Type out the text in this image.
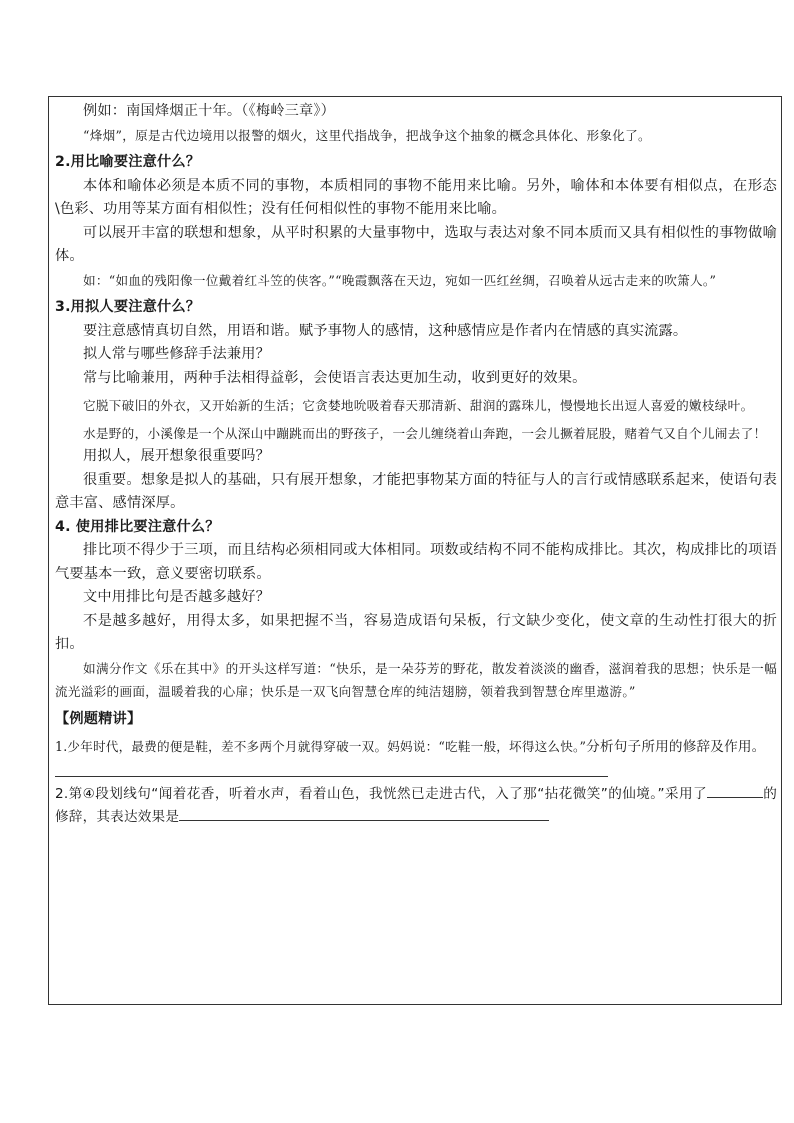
例如：南国烽烟正十年。（《梅岭三章》）

“烽烟”，原是古代边境用以报警的烟火，这里代指战争，把战争这个抽象的概念具体化、形象化了。

2.用比喻要注意什么？

本体和喻体必须是本质不同的事物，本质相同的事物不能用来比喻。另外，喻体和本体要有相似点，在形态\色彩、功用等某方面有相似性；没有任何相似性的事物不能用来比喻。

可以展开丰富的联想和想象，从平时积累的大量事物中，选取与表达对象不同本质而又具有相似性的事物做喻体。

如：“如血的残阳像一位戴着红斗笠的侠客。”“晚霞飘落在天边，宛如一匹红丝绸，召唤着从远古走来的吹箫人。”

3.用拟人要注意什么？

要注意感情真切自然，用语和谐。赋予事物人的感情，这种感情应是作者内在情感的真实流露。

拟人常与哪些修辞手法兼用？

常与比喻兼用，两种手法相得益彰，会使语言表达更加生动，收到更好的效果。

它脱下破旧的外衣，又开始新的生活；它贪婪地吮吸着春天那清新、甜润的露珠儿，慢慢地长出逗人喜爱的嫩枝绿叶。

水是野的，小溪像是一个从深山中蹦跳而出的野孩子，一会儿缠绕着山奔跑，一会儿撅着屁股，赌着气又自个儿闹去了！

用拟人，展开想象很重要吗？

很重要。想象是拟人的基础，只有展开想象，才能把事物某方面的特征与人的言行或情感联系起来，使语句表意丰富、感情深厚。

4. 使用排比要注意什么？

排比项不得少于三项，而且结构必须相同或大体相同。项数或结构不同不能构成排比。其次，构成排比的项语气要基本一致，意义要密切联系。

文中用排比句是否越多越好？

不是越多越好，用得太多，如果把握不当，容易造成语句呆板，行文缺少变化，使文章的生动性打很大的折扣。

如满分作文《乐在其中》的开头这样写道：“快乐，是一朵芬芳的野花，散发着淡淡的幽香，滋润着我的思想；快乐是一幅流光溢彩的画面，温暖着我的心扉；快乐是一双飞向智慧仓库的纯洁翅膀，领着我到智慧仓库里遨游。”

【例题精讲】

1.少年时代，最费的便是鞋，差不多两个月就得穿破一双。妈妈说：“吃鞋一般，坏得这么快。”分析句子所用的修辞及作用。

2.第④段划线句“闻着花香，听着水声，看着山色，我恍然已走进古代，入了那“拈花微笑”的仙境。”采用了	的修辞，其表达效果是
